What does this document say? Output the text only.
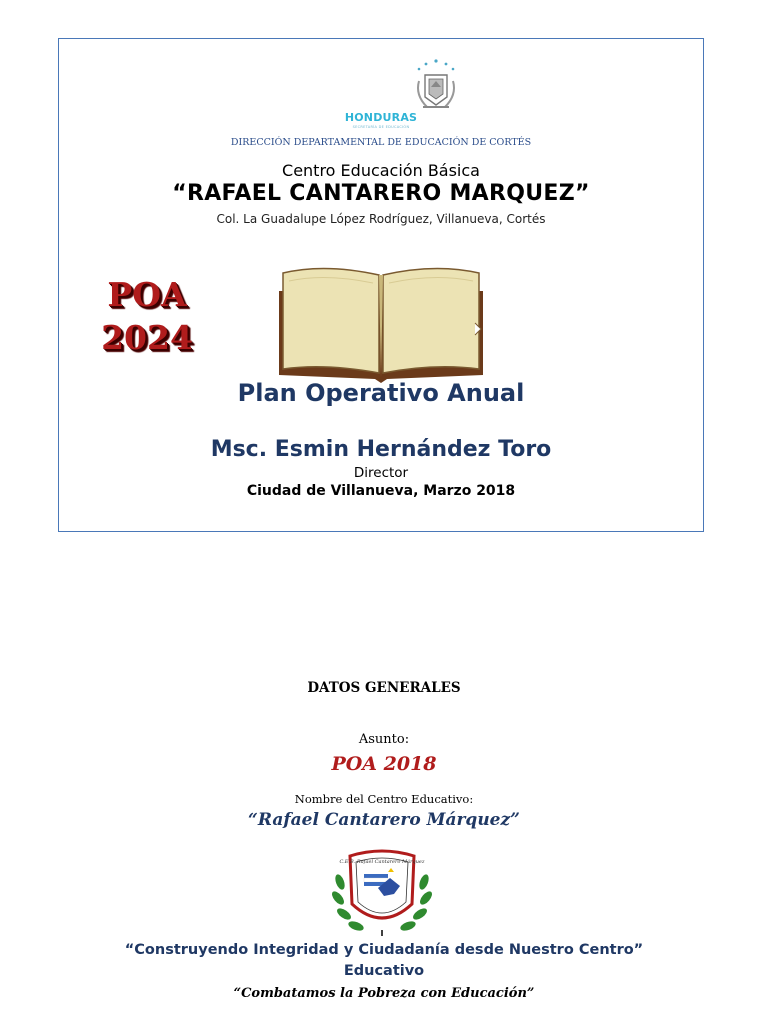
HONDURAS
SECRETARÍA DE EDUCACIÓN
DIRECCIÓN DEPARTAMENTAL DE EDUCACIÓN DE CORTÉS
Centro Educación Básica
“RAFAEL CANTARERO MARQUEZ”
Col. La Guadalupe López Rodríguez, Villanueva, Cortés
POA
2024
Plan Operativo Anual
Msc. Esmin Hernández Toro
Director
Ciudad de Villanueva, Marzo 2018
DATOS GENERALES
Asunto:
POA 2018
Nombre del Centro Educativo:
“Rafael Cantarero Márquez”
C.E.B. Rafael Cantarero Márquez
“Construyendo Integridad y Ciudadanía desde Nuestro Centro”
Educativo
“Combatamos la Pobreza con Educación”
